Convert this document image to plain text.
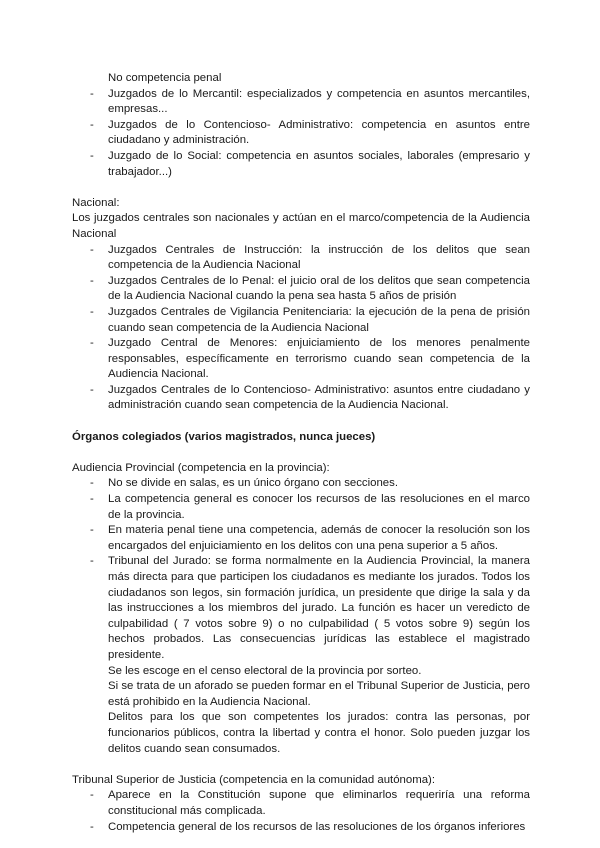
No competencia penal
- Juzgados de lo Mercantil: especializados y competencia en asuntos mercantiles, empresas...
- Juzgados de lo Contencioso- Administrativo: competencia en asuntos entre ciudadano y administración.
- Juzgado de lo Social: competencia en asuntos sociales, laborales (empresario y trabajador...)
Nacional:
Los juzgados centrales son nacionales y actúan en el marco/competencia de la Audiencia Nacional
- Juzgados Centrales de Instrucción: la instrucción de los delitos que sean competencia de la Audiencia Nacional
- Juzgados Centrales de lo Penal: el juicio oral de los delitos que sean competencia de la Audiencia Nacional cuando la pena sea hasta 5 años de prisión
- Juzgados Centrales de Vigilancia Penitenciaria: la ejecución de la pena de prisión cuando sean competencia de la Audiencia Nacional
- Juzgado Central de Menores: enjuiciamiento de los menores penalmente responsables, específicamente en terrorismo cuando sean competencia de la Audiencia Nacional.
- Juzgados Centrales de lo Contencioso- Administrativo: asuntos entre ciudadano y administración cuando sean competencia de la Audiencia Nacional.
Órganos colegiados (varios magistrados, nunca jueces)
Audiencia Provincial (competencia en la provincia):
- No se divide en salas, es un único órgano con secciones.
- La competencia general es conocer los recursos de las resoluciones en el marco de la provincia.
- En materia penal tiene una competencia, además de conocer la resolución son los encargados del enjuiciamiento en los delitos con una pena superior a 5 años.
- Tribunal del Jurado: se forma normalmente en la Audiencia Provincial, la manera más directa para que participen los ciudadanos es mediante los jurados. Todos los ciudadanos son legos, sin formación jurídica, un presidente que dirige la sala y da las instrucciones a los miembros del jurado. La función es hacer un veredicto de culpabilidad ( 7 votos sobre 9) o no culpabilidad ( 5 votos sobre 9) según los hechos probados. Las consecuencias jurídicas las establece el magistrado presidente.
Se les escoge en el censo electoral de la provincia por sorteo.
Si se trata de un aforado se pueden formar en el Tribunal Superior de Justicia, pero está prohibido en la Audiencia Nacional.
Delitos para los que son competentes los jurados: contra las personas, por funcionarios públicos, contra la libertad y contra el honor. Solo pueden juzgar los delitos cuando sean consumados.
Tribunal Superior de Justicia (competencia en la comunidad autónoma):
- Aparece en la Constitución supone que eliminarlos requeriría una reforma constitucional más complicada.
- Competencia general de los recursos de las resoluciones de los órganos inferiores
